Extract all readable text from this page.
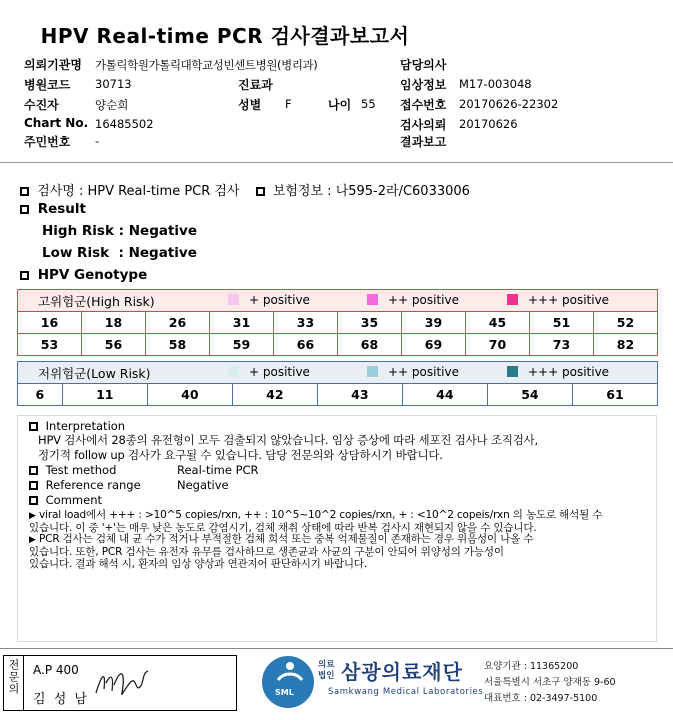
HPV Real-time PCR 검사결과보고서
의뢰기관명 가톨릭학원가톨릭대학교성빈센트병원(병리과)
병원코드 30713
수진자	양순희
Chart No. 16485502
주민번호 -
진료과
성별 F	나이 55
담당의사
임상정보 M17-003048
접수번호 20170626-22302
검사의뢰 20170626
결과보고
검사명 : HPV Real-time PCR 검사	보험정보 : 나595-2라/C6033006
Result
High Risk : Negative
Low Risk  : Negative
HPV Genotype
고위험군(High Risk)									
16	18	26	31	33	35	39	45	51	52
53	56	58	59	66	68	69	70	73	82
+ positive	++ positive	+++ positive
저위험군(Low Risk)
6	11	40	42	43	44	54	61
+ positive	++ positive	+++ positive
Interpretation
HPV 검사에서 28종의 유전형이 모두 검출되지 않았습니다. 임상 증상에 따라 세포진 검사나 조직검사,
정기적 follow up 검사가 요구될 수 있습니다. 담당 전문의와 상담하시기 바랍니다.
Test method	Real-time PCR
Reference range	Negative
Comment
▶ viral load에서 +++ : >10^5 copies/rxn, ++ : 10^5~10^2 copies/rxn, + : <10^2 copeis/rxn 의 농도로 해석될 수
있습니다. 이 중 '+'는 매우 낮은 농도로 감염시기, 검체 채취 상태에 따라 반복 검사시 재현되지 않을 수 있습니다.
▶ PCR 검사는 검체 내 균 수가 적거나 부적절한 검체 희석 또는 중복 억제물질이 존재하는 경우 위음성이 나올 수
있습니다. 또한, PCR 검사는 유전자 유무를 검사하므로 생존균과 사균의 구분이 안되어 위양성의 가능성이
있습니다. 결과 해석 시, 환자의 임상 양상과 연관지어 판단하시기 바랍니다.
전문의	A.P 400
김 성 남	SML
의료
법인 삼광의료재단
Samkwang Medical Laboratories
요양기관 : 11365200
서울특별시 서초구 양재동 9-60
대표번호 : 02-3497-5100
